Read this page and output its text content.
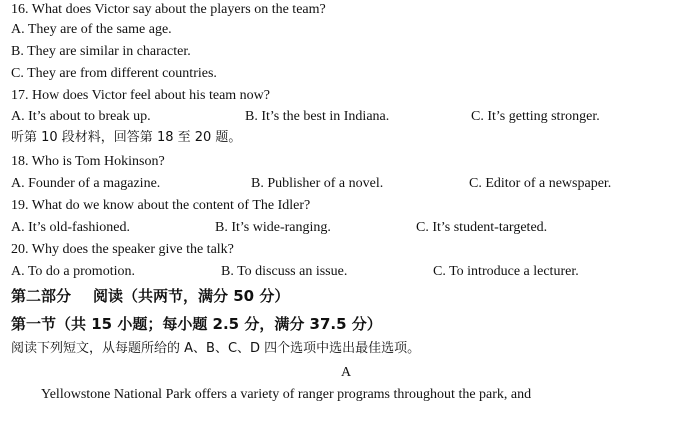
16. What does Victor say about the players on the team?
A. They are of the same age.
B. They are similar in character.
C. They are from different countries.
17. How does Victor feel about his team now?
A. It’s about to break up.	B. It’s the best in Indiana.	C. It’s getting stronger.
听第 10 段材料，回答第 18 至 20 题。
18. Who is Tom Hokinson?
A. Founder of a magazine.	B. Publisher of a novel.	C. Editor of a newspaper.
19. What do we know about the content of The Idler?
A. It’s old-fashioned.	B. It’s wide-ranging.	C. It’s student-targeted.
20. Why does the speaker give the talk?
A. To do a promotion.	B. To discuss an issue.	C. To introduce a lecturer.
第二部分 阅读（共两节，满分 50 分）
第一节（共 15 小题；每小题 2.5 分，满分 37.5 分）
阅读下列短文，从每题所给的 A、B、C、D 四个选项中选出最佳选项。
A
Yellowstone National Park offers a variety of ranger programs throughout the park, and
